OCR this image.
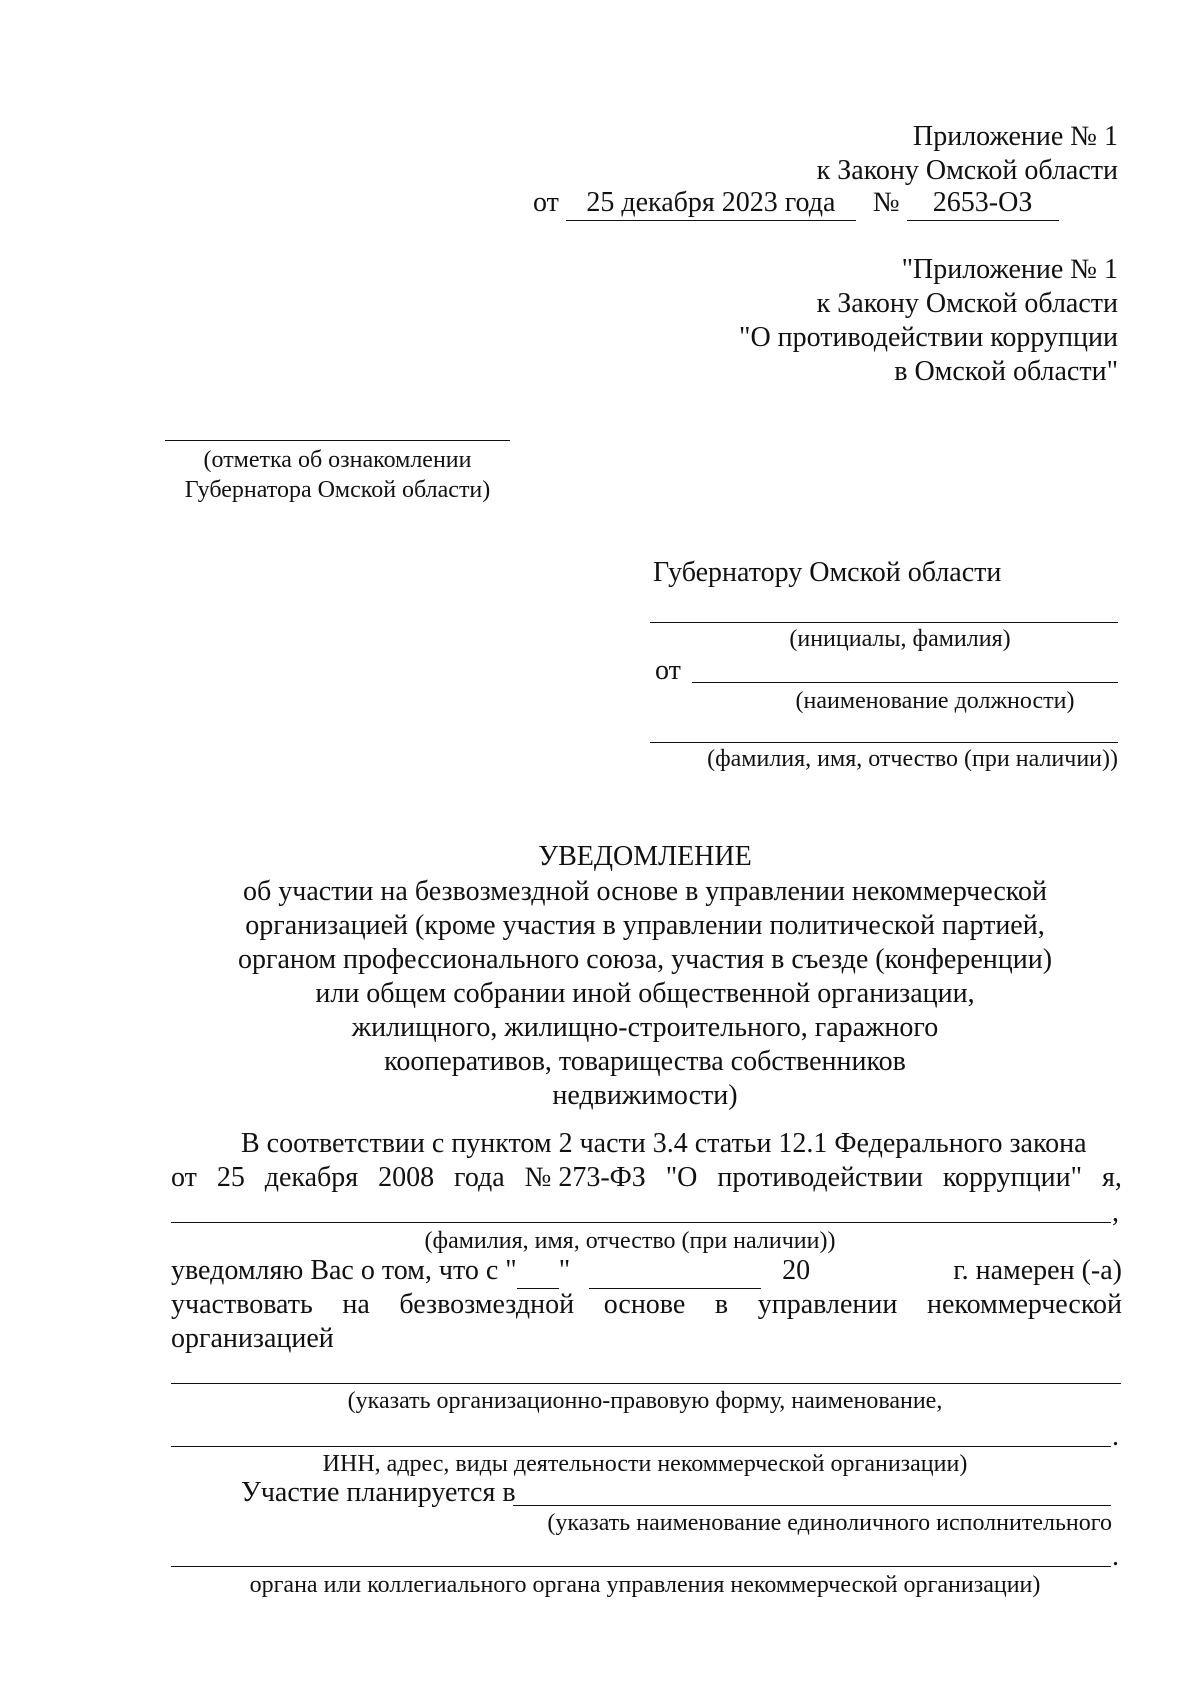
Приложение № 1
к Закону Омской области
от 25 декабря 2023 года № 2653-ОЗ
"Приложение № 1
к Закону Омской области
"О противодействии коррупции
в Омской области"
(отметка об ознакомлении
Губернатора Омской области)
Губернатору Омской области
(инициалы, фамилия)
от
(наименование должности)
(фамилия, имя, отчество (при наличии))
УВЕДОМЛЕНИЕ
об участии на безвозмездной основе в управлении некоммерческой
организацией (кроме участия в управлении политической партией,
органом профессионального союза, участия в съезде (конференции)
или общем собрании иной общественной организации,
жилищного, жилищно-строительного, гаражного
кооперативов, товарищества собственников
недвижимости)
В соответствии с пунктом 2 части 3.4 статьи 12.1 Федерального закона
от 25 декабря 2008 года № 273-ФЗ "О противодействии коррупции" я,
,
(фамилия, имя, отчество (при наличии))
уведомляю Вас о том, что с " "	20	г. намерен (-а)
участвовать на безвозмездной основе в управлении некоммерческой
организацией
(указать организационно-правовую форму, наименование,
.
ИНН, адрес, виды деятельности некоммерческой организации)
Участие планируется в
(указать наименование единоличного исполнительного
.
органа или коллегиального органа управления некоммерческой организации)
